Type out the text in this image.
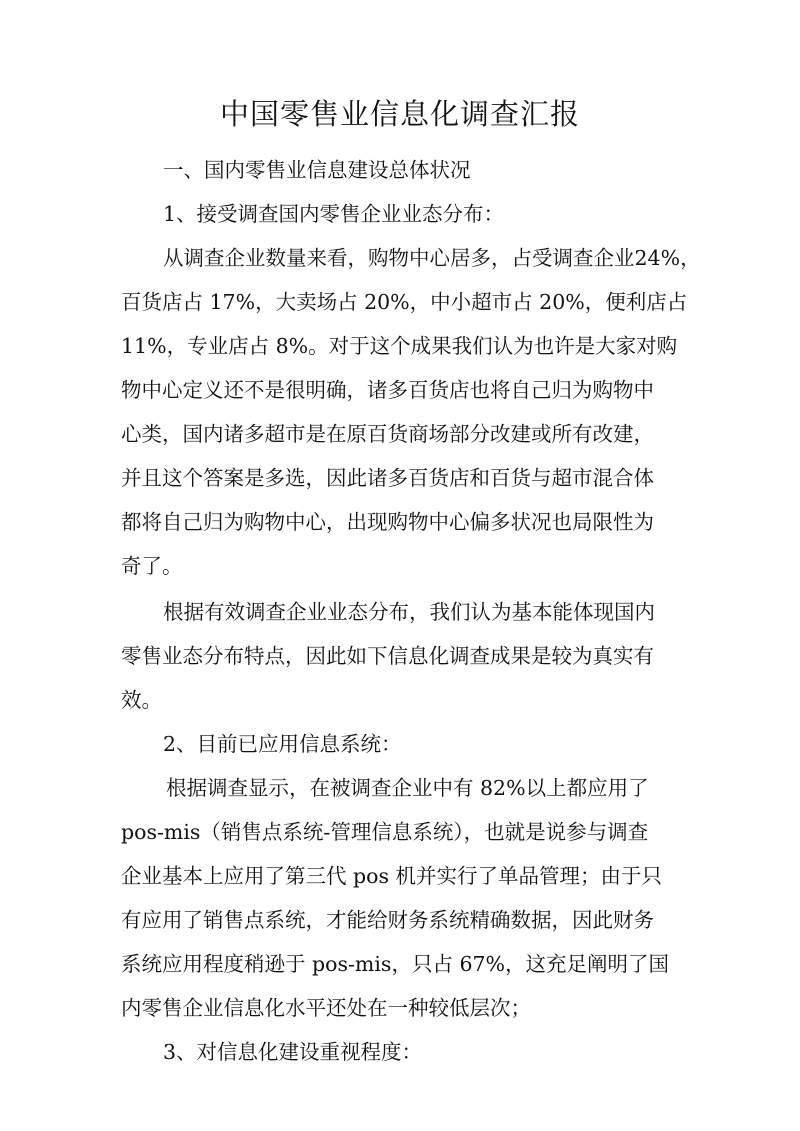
中国零售业信息化调查汇报

一、国内零售业信息建设总体状况

1、接受调查国内零售企业业态分布：

从调查企业数量来看，购物中心居多，占受调查企业24%，

百货店占 17%，大卖场占 20%，中小超市占 20%，便利店占

11%，专业店占 8%。对于这个成果我们认为也许是大家对购

物中心定义还不是很明确，诸多百货店也将自己归为购物中

心类，国内诸多超市是在原百货商场部分改建或所有改建，

并且这个答案是多选，因此诸多百货店和百货与超市混合体

都将自己归为购物中心，出现购物中心偏多状况也局限性为

奇了。

根据有效调查企业业态分布，我们认为基本能体现国内

零售业态分布特点，因此如下信息化调查成果是较为真实有

效。

2、目前已应用信息系统：

根据调查显示，在被调查企业中有 82%以上都应用了

pos-mis（销售点系统-管理信息系统），也就是说参与调查

企业基本上应用了第三代 pos 机并实行了单品管理；由于只

有应用了销售点系统，才能给财务系统精确数据，因此财务

系统应用程度稍逊于 pos-mis，只占 67%，这充足阐明了国

内零售企业信息化水平还处在一种较低层次；

3、对信息化建设重视程度：
